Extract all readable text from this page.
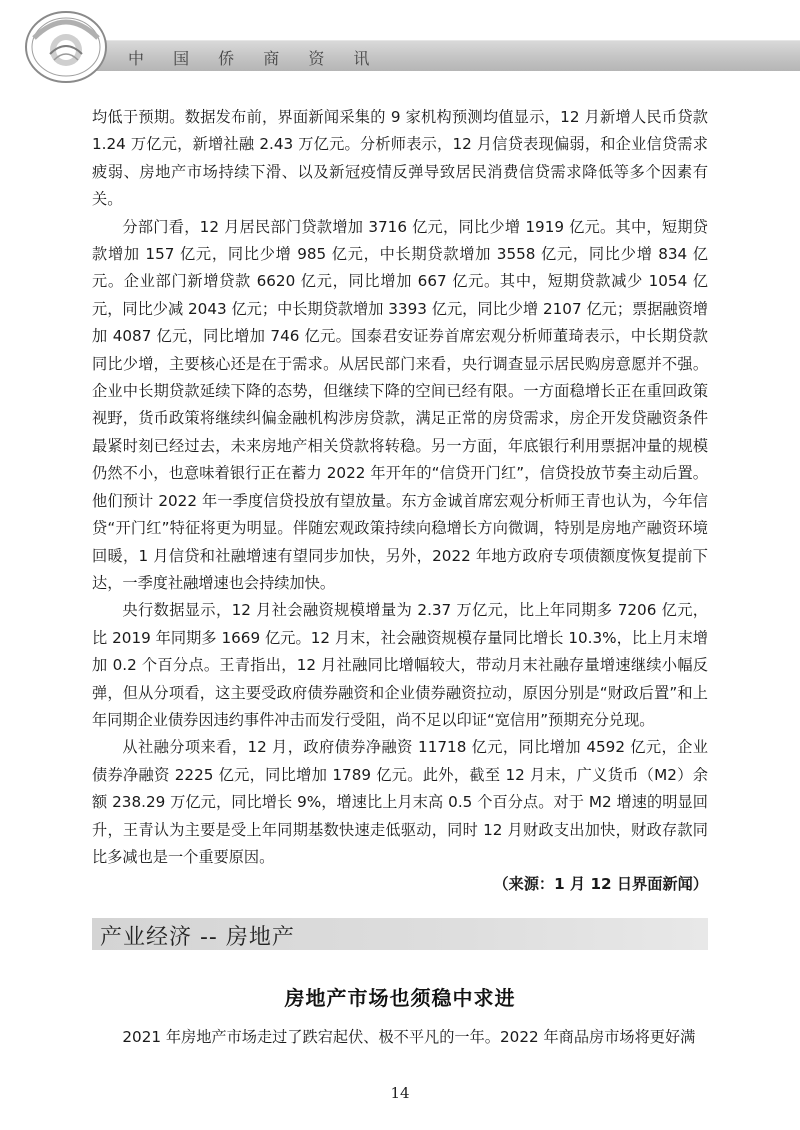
中 国 侨 商 资 讯

均低于预期。数据发布前，界面新闻采集的 9 家机构预测均值显示，12 月新增人民币贷款 1.24 万亿元，新增社融 2.43 万亿元。分析师表示，12 月信贷表现偏弱，和企业信贷需求疲弱、房地产市场持续下滑、以及新冠疫情反弹导致居民消费信贷需求降低等多个因素有关。

分部门看，12 月居民部门贷款增加 3716 亿元，同比少增 1919 亿元。其中，短期贷款增加 157 亿元，同比少增 985 亿元，中长期贷款增加 3558 亿元，同比少增 834 亿元。企业部门新增贷款 6620 亿元，同比增加 667 亿元。其中，短期贷款减少 1054 亿元，同比少减 2043 亿元；中长期贷款增加 3393 亿元，同比少增 2107 亿元；票据融资增加 4087 亿元，同比增加 746 亿元。国泰君安证券首席宏观分析师董琦表示，中长期贷款同比少增，主要核心还是在于需求。从居民部门来看，央行调查显示居民购房意愿并不强。企业中长期贷款延续下降的态势，但继续下降的空间已经有限。一方面稳增长正在重回政策视野，货币政策将继续纠偏金融机构涉房贷款，满足正常的房贷需求，房企开发贷融资条件最紧时刻已经过去，未来房地产相关贷款将转稳。另一方面，年底银行利用票据冲量的规模仍然不小，也意味着银行正在蓄力 2022 年开年的“信贷开门红”，信贷投放节奏主动后置。他们预计 2022 年一季度信贷投放有望放量。东方金诚首席宏观分析师王青也认为，今年信贷“开门红”特征将更为明显。伴随宏观政策持续向稳增长方向微调，特别是房地产融资环境回暖，1 月信贷和社融增速有望同步加快，另外，2022 年地方政府专项债额度恢复提前下达，一季度社融增速也会持续加快。

央行数据显示，12 月社会融资规模增量为 2.37 万亿元，比上年同期多 7206 亿元，比 2019 年同期多 1669 亿元。12 月末，社会融资规模存量同比增长 10.3%，比上月末增加 0.2 个百分点。王青指出，12 月社融同比增幅较大，带动月末社融存量增速继续小幅反弹，但从分项看，这主要受政府债券融资和企业债券融资拉动，原因分别是“财政后置”和上年同期企业债券因违约事件冲击而发行受阻，尚不足以印证“宽信用”预期充分兑现。

从社融分项来看，12 月，政府债券净融资 11718 亿元，同比增加 4592 亿元，企业债券净融资 2225 亿元，同比增加 1789 亿元。此外，截至 12 月末，广义货币（M2）余额 238.29 万亿元，同比增长 9%，增速比上月末高 0.5 个百分点。对于 M2 增速的明显回升，王青认为主要是受上年同期基数快速走低驱动，同时 12 月财政支出加快，财政存款同比多减也是一个重要原因。

（来源：1 月 12 日界面新闻）
产业经济 -- 房地产
房地产市场也须稳中求进
2021 年房地产市场走过了跌宕起伏、极不平凡的一年。2022 年商品房市场将更好满
14
